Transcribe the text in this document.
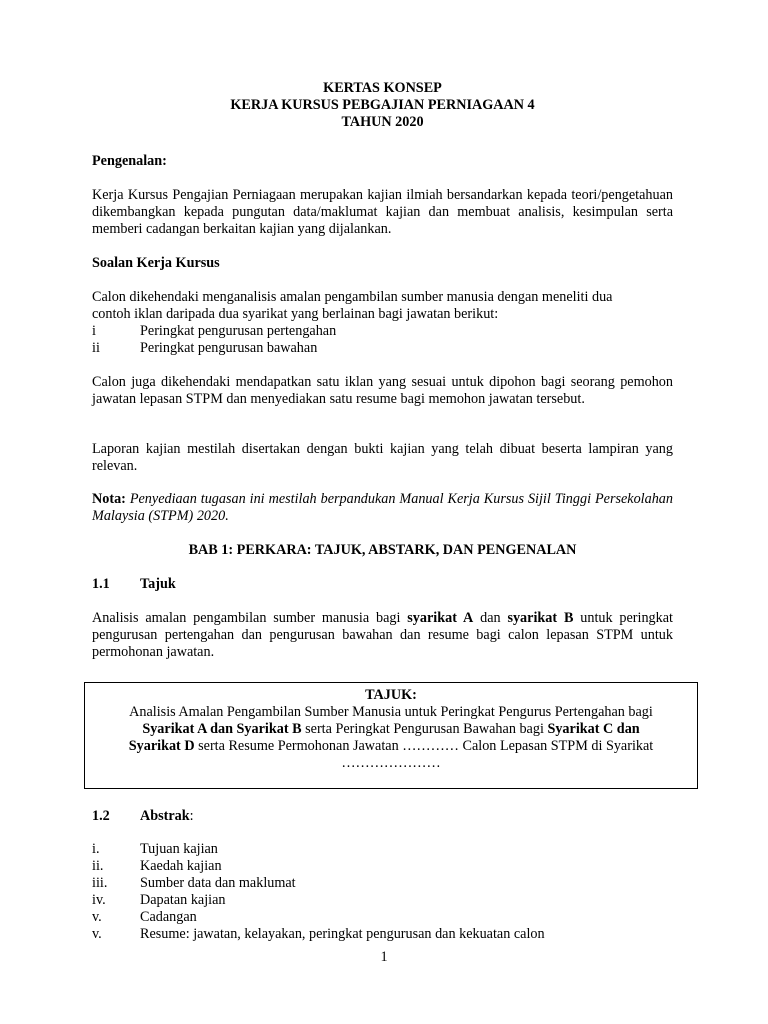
KERTAS KONSEP

KERJA KURSUS PEBGAJIAN PERNIAGAAN 4

TAHUN 2020

Pengenalan:

Kerja Kursus Pengajian Perniagaan merupakan kajian ilmiah bersandarkan kepada teori/pengetahuan dikembangkan kepada pungutan data/maklumat kajian dan membuat analisis, kesimpulan serta memberi cadangan berkaitan kajian yang dijalankan.

Soalan Kerja Kursus

Calon dikehendaki menganalisis amalan pengambilan sumber manusia dengan meneliti dua

contoh iklan daripada dua syarikat yang berlainan bagi jawatan berikut:

i	Peringkat pengurusan pertengahan
ii	Peringkat pengurusan bawahan

Calon juga dikehendaki mendapatkan satu iklan yang sesuai untuk dipohon bagi seorang pemohon jawatan lepasan STPM dan menyediakan satu resume bagi memohon jawatan tersebut.

Laporan kajian mestilah disertakan dengan bukti kajian yang telah dibuat beserta lampiran yang relevan.

Nota: Penyediaan tugasan ini mestilah berpandukan Manual Kerja Kursus Sijil Tinggi Persekolahan Malaysia (STPM) 2020.

BAB 1: PERKARA: TAJUK, ABSTARK, DAN PENGENALAN

1.1	Tajuk

Analisis amalan pengambilan sumber manusia bagi syarikat A dan syarikat B untuk peringkat pengurusan pertengahan dan pengurusan bawahan dan resume bagi calon lepasan STPM untuk permohonan jawatan.

TAJUK:

Analisis Amalan Pengambilan Sumber Manusia untuk Peringkat Pengurus Pertengahan bagi

Syarikat A dan Syarikat B serta Peringkat Pengurusan Bawahan bagi Syarikat C dan

Syarikat D serta Resume Permohonan Jawatan ………… Calon Lepasan STPM di Syarikat

…………………

1.2	Abstrak:
i.	Tujuan kajian
ii.	Kaedah kajian
iii.	Sumber data dan maklumat
iv.	Dapatan kajian
v.	Cadangan
v.	Resume: jawatan, kelayakan, peringkat pengurusan dan kekuatan calon

1
